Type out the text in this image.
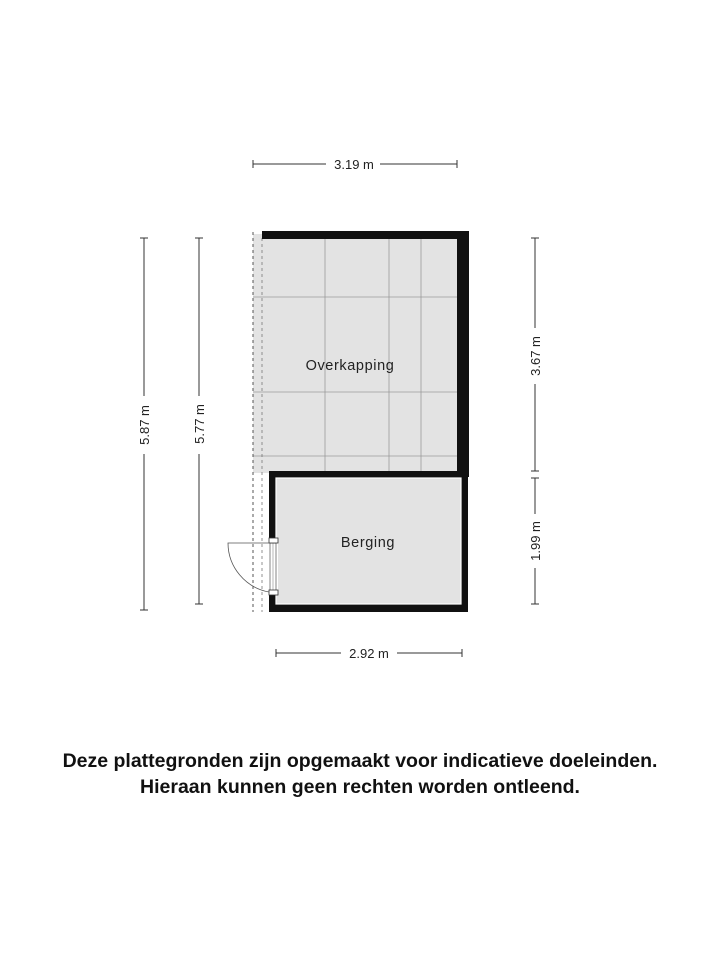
Overkapping
Berging
3.19 m
2.92 m
5.87 m	5.77 m
3.67 m
1.99 m
Deze plattegronden zijn opgemaakt voor indicatieve doeleinden.
Hieraan kunnen geen rechten worden ontleend.
